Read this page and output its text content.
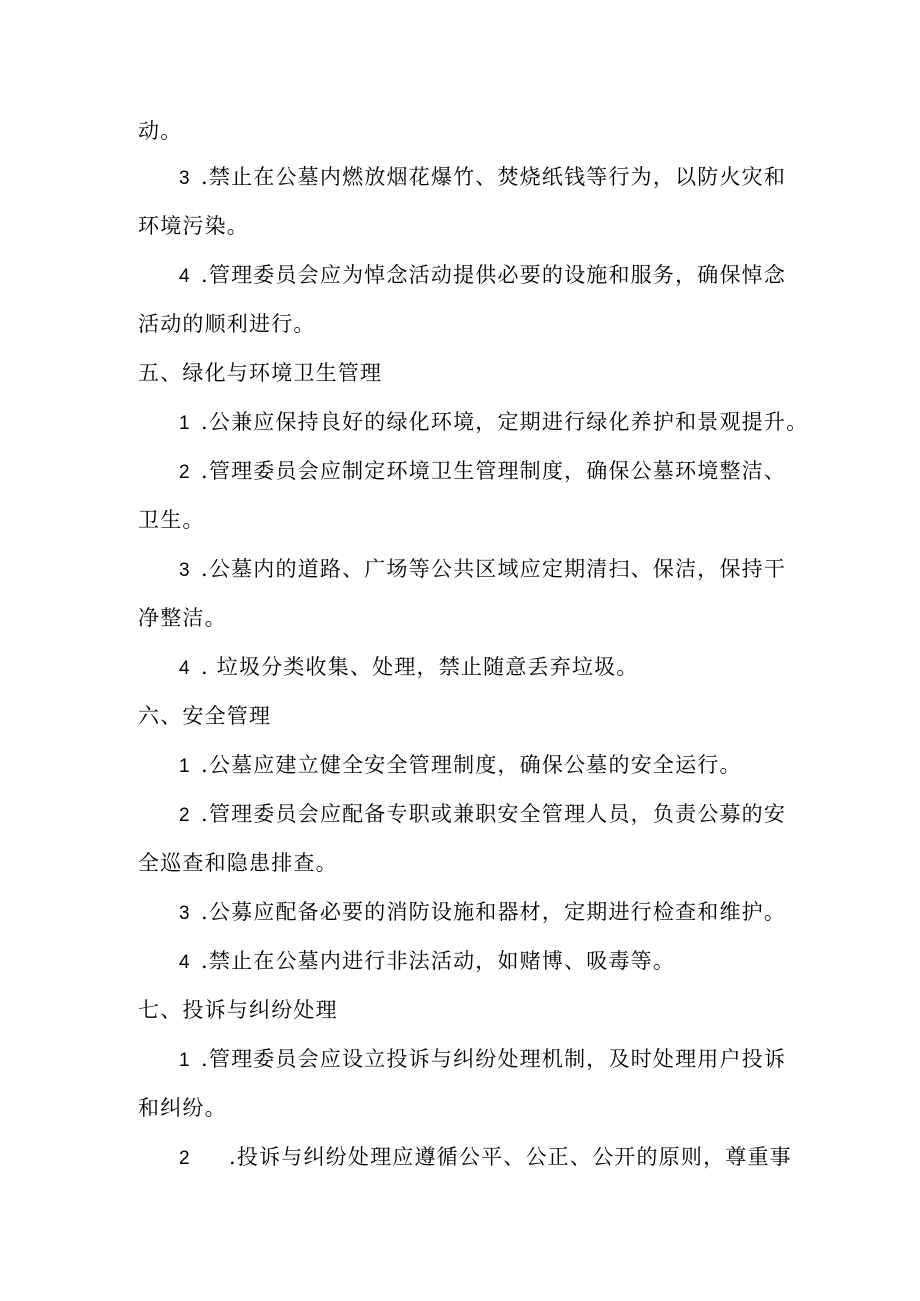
动。
3 .禁止在公墓内燃放烟花爆竹、焚烧纸钱等行为，以防火灾和
环境污染。
4 .管理委员会应为悼念活动提供必要的设施和服务，确保悼念
活动的顺利进行。
五、绿化与环境卫生管理
1 .公兼应保持良好的绿化环境，定期进行绿化养护和景观提升。
2 .管理委员会应制定环境卫生管理制度，确保公墓环境整洁、
卫生。
3 .公墓内的道路、广场等公共区域应定期清扫、保洁，保持干
净整洁。
4 . 垃圾分类收集、处理，禁止随意丢弃垃圾。
六、安全管理
1 .公墓应建立健全安全管理制度，确保公墓的安全运行。
2 .管理委员会应配备专职或兼职安全管理人员，负责公募的安
全巡查和隐患排查。
3 .公募应配备必要的消防设施和器材，定期进行检查和维护。
4 .禁止在公墓内进行非法活动，如赌博、吸毒等。
七、投诉与纠纷处理
1 .管理委员会应设立投诉与纠纷处理机制，及时处理用户投诉
和纠纷。
2 .投诉与纠纷处理应遵循公平、公正、公开的原则，尊重事
